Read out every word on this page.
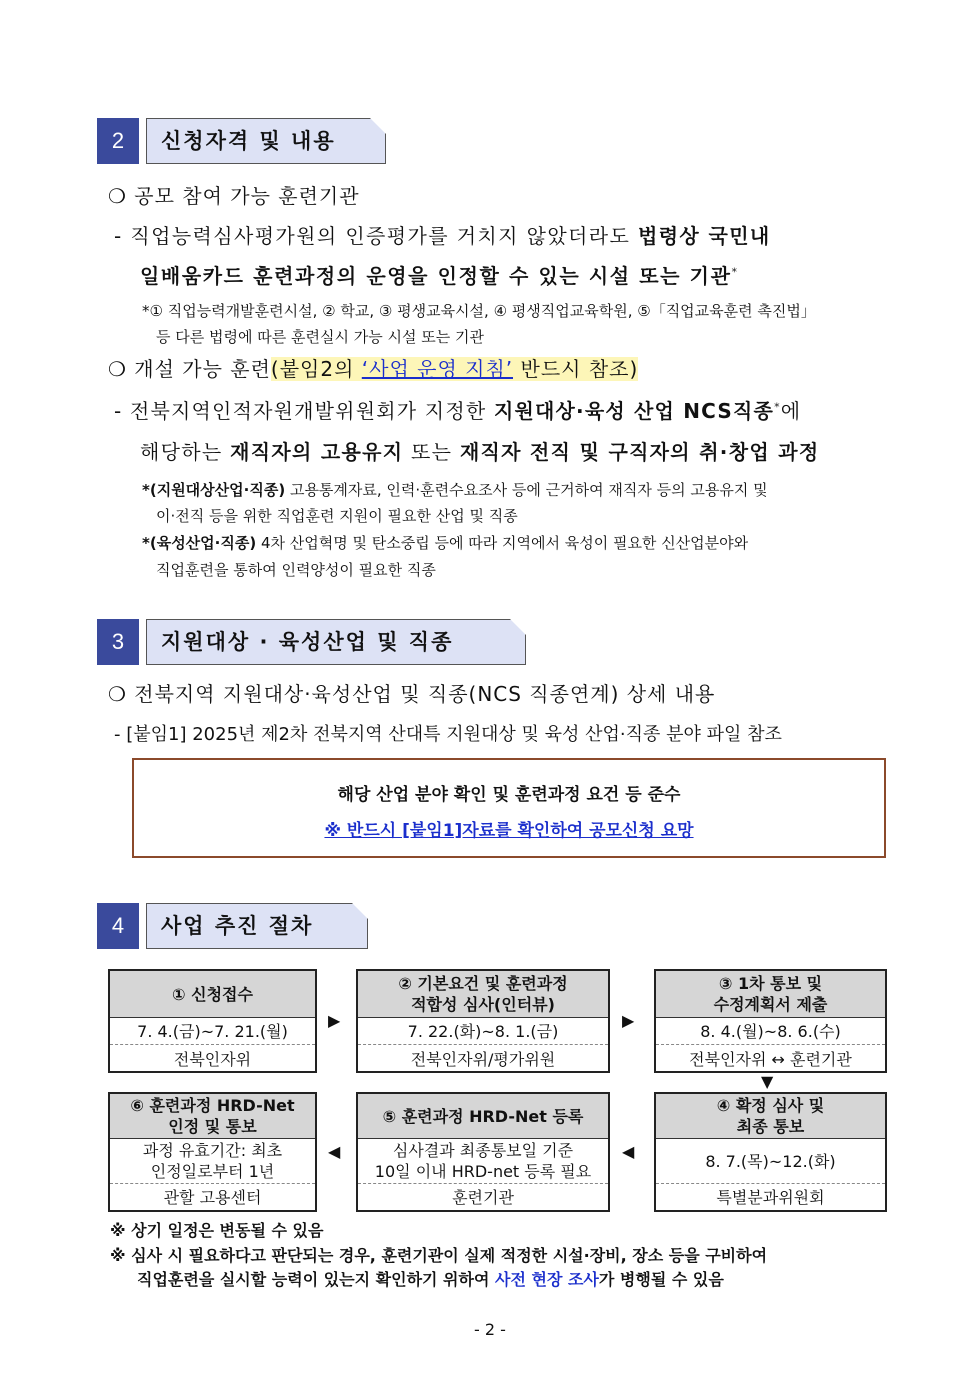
2	신청자격 및 내용
❍ 공모 참여 가능 훈련기관
- 직업능력심사평가원의 인증평가를 거치지 않았더라도 법령상 국민내
일배움카드 훈련과정의 운영을 인정할 수 있는 시설 또는 기관*
*① 직업능력개발훈련시설, ② 학교, ③ 평생교육시설, ④ 평생직업교육학원, ⑤「직업교육훈련 촉진법」
등 다른 법령에 따른 훈련실시 가능 시설 또는 기관
❍ 개설 가능 훈련(붙임2의 ‘사업 운영 지침’ 반드시 참조)
- 전북지역인적자원개발위원회가 지정한 지원대상·육성 산업 NCS직종*에
해당하는 재직자의 고용유지 또는 재직자 전직 및 구직자의 취·창업 과정
*(지원대상산업·직종) 고용통계자료, 인력·훈련수요조사 등에 근거하여 재직자 등의 고용유지 및
이·전직 등을 위한 직업훈련 지원이 필요한 산업 및 직종
*(육성산업·직종) 4차 산업혁명 및 탄소중립 등에 따라 지역에서 육성이 필요한 신산업분야와
직업훈련을 통하여 인력양성이 필요한 직종
3	지원대상 · 육성산업 및 직종
❍ 전북지역 지원대상·육성산업 및 직종(NCS 직종연계) 상세 내용
- [붙임1] 2025년 제2차 전북지역 산대특 지원대상 및 육성 산업·직종 분야 파일 참조
해당 산업 분야 확인 및 훈련과정 요건 등 준수
※ 반드시 [붙임1]자료를 확인하여 공모신청 요망
4	사업 추진 절차
① 신청접수
7. 4.(금)~7. 21.(월)
전북인자위
▶
② 기본요건 및 훈련과정
적합성 심사(인터뷰)
7. 22.(화)~8. 1.(금)
전북인자위/평가위원
▶
③ 1차 통보 및
수정계획서 제출
8. 4.(월)~8. 6.(수)
전북인자위 ↔ 훈련기관
▼
⑥ 훈련과정 HRD-Net
인정 및 통보
과정 유효기간: 최초
인정일로부터 1년
관할 고용센터
◀
⑤ 훈련과정 HRD-Net 등록
심사결과 최종통보일 기준
10일 이내 HRD-net 등록 필요
훈련기관
◀
④ 확정 심사 및
최종 통보
8. 7.(목)~12.(화)
특별분과위원회
※ 상기 일정은 변동될 수 있음
※ 심사 시 필요하다고 판단되는 경우, 훈련기관이 실제 적정한 시설·장비, 장소 등을 구비하여
직업훈련을 실시할 능력이 있는지 확인하기 위하여 사전 현장 조사가 병행될 수 있음
- 2 -
